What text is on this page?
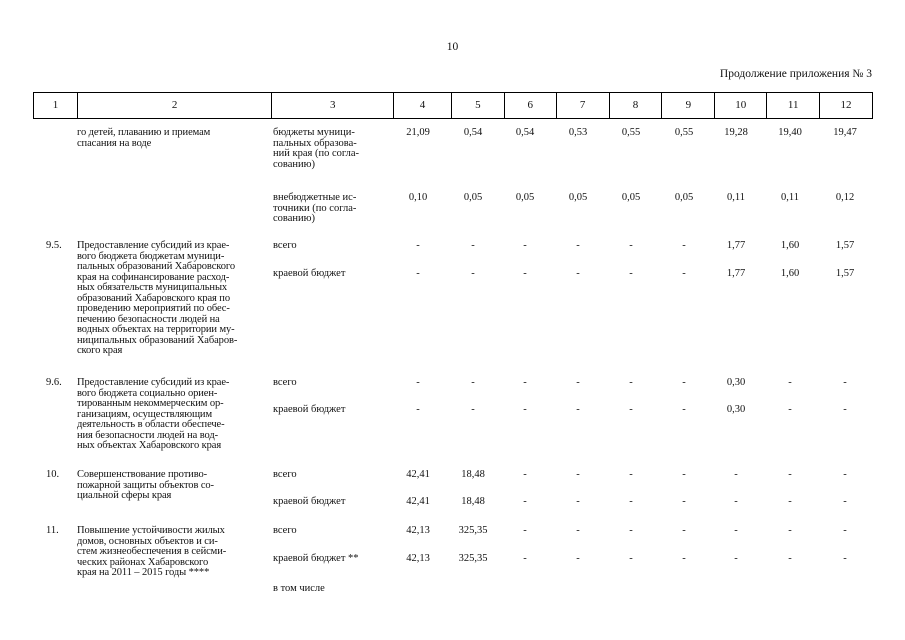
10
Продолжение приложения № 3
1	2	3	4	5	6	7	8	9	10	11	12
го детей, плаванию и приемам
спасания на воде
бюджеты муници-
пальных образова-
ний края (по согла-
сованию)
21,09	0,54	0,54	0,53	0,55	0,55	19,28	19,40	19,47
внебюджетные ис-
точники (по согла-
сованию)
0,10	0,05	0,05	0,05	0,05	0,05	0,11	0,11	0,12
9.5. Предоставление субсидий из крае-
вого бюджета бюджетам муници-
пальных образований Хабаровского
края на софинансирование расход-
ных обязательств муниципальных
образований Хабаровского края по
проведению мероприятий по обес-
печению безопасности людей на
водных объектах на территории му-
ниципальных образований Хабаров-
ского края
всего	-	-	-	-	-	-	1,77	1,60	1,57
краевой бюджет	-	-	-	-	-	-	1,77	1,60	1,57
9.6. Предоставление субсидий из крае-
вого бюджета социально ориен-
тированным некоммерческим ор-
ганизациям, осуществляющим
деятельность в области обеспече-
ния безопасности людей на вод-
ных объектах Хабаровского края
всего	-	-	-	-	-	-	0,30	-	-
краевой бюджет	-	-	-	-	-	-	0,30	-	-
10. Совершенствование противо-
пожарной защиты объектов со-
циальной сферы края
всего	42,41	18,48	-	-	-	-	-	-	-
краевой бюджет	42,41	18,48	-	-	-	-	-	-	-
11. Повышение устойчивости жилых
домов, основных объектов и си-
стем жизнеобеспечения в сейсми-
ческих районах Хабаровского
края на 2011 – 2015 годы ****
всего	42,13	325,35	-	-	-	-	-	-	-
краевой бюджет **	42,13	325,35	-	-	-	-	-	-	-
в том числе
